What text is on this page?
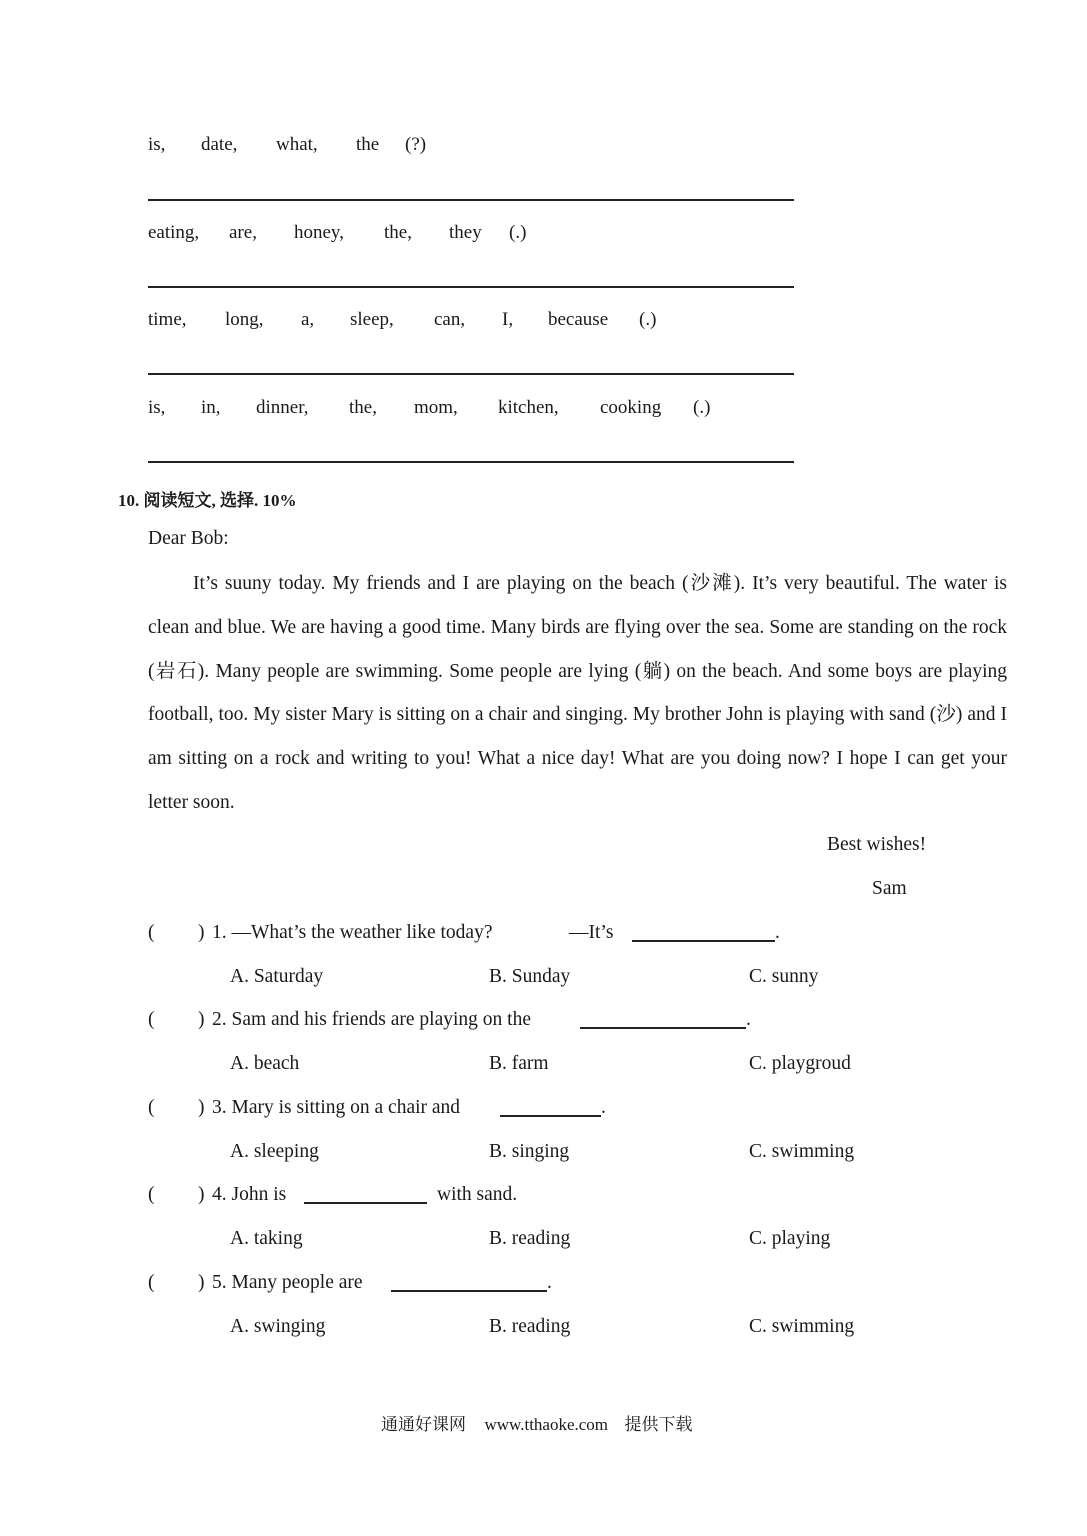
is, date, what, the (?)
eating, are, honey, the, they (.)
time, long, a, sleep, can, I, because (.)
is, in, dinner, the, mom, kitchen, cooking (.)
10. 阅读短文, 选择. 10%
Dear Bob:
It’s suuny today. My friends and I are playing on the beach (沙滩). It’s very beautiful. The water is clean and blue. We are having a good time. Many birds are flying over the sea. Some are standing on the rock (岩石). Many people are swimming. Some people are lying (躺) on the beach. And some boys are playing football, too. My sister Mary is sitting on a chair and singing. My brother John is playing with sand (沙) and I am sitting on a rock and writing to you! What a nice day! What are you doing now? I hope I can get your letter soon.
Best wishes!
Sam
( ) 1. —What’s the weather like today?	—It’s	.
A. Saturday	B. Sunday	C. sunny
( ) 2. Sam and his friends are playing on the	.
A. beach	B. farm	C. playgroud
( ) 3. Mary is sitting on a chair and	.
A. sleeping	B. singing	C. swimming
( ) 4. John is	with sand.
A. taking	B. reading	C. playing
( ) 5. Many people are	.
A. swinging	B. reading	C. swimming
通通好课网 www.tthaoke.com 提供下载
